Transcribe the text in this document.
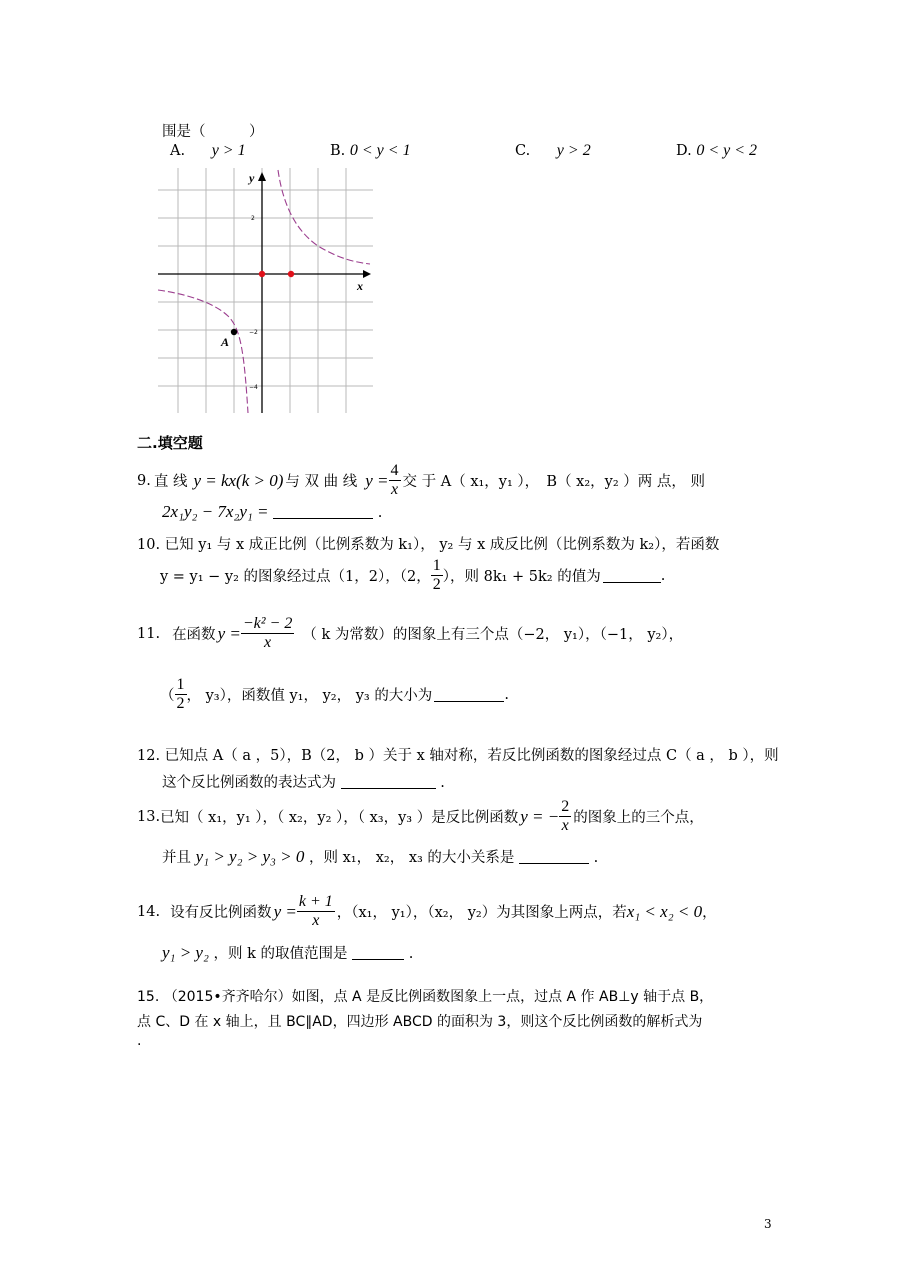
围是（　　　）
A. y > 1	B. 0 < y < 1	C. y > 2	D. 0 < y < 2
x
y
2
−2
−4
A
二.填空题
9. 直 线 y = kx(k > 0) 与 双 曲 线 $y = \frac{4}{x}$ 交 于 A（ x₁，y₁ ），　B（ x₂，y₂ ）两 点， 则
2x₁y₂ − 7x₂y₁ =	.
10. 已知 y₁ 与 x 成正比例（比例系数为 k₁）， y₂ 与 x 成反比例（比例系数为 k₂），若函数
y = y₁ − y₂ 的图象经过点（1，2），（2， $\frac{1}{2}$ ），则 8k₁ + 5k₂ 的值为	.
11. 在函数 $y = \frac{\text{−k² − 2}}{x}$ （ k 为常数）的图象上有三个点（−2， y₁），（−1， y₂），
（ $\frac{1}{2}$ ， y₃），函数值 y₁， y₂， y₃ 的大小为	.
12. 已知点 A（ a ，5），B（2， b ）关于 x 轴对称，若反比例函数的图象经过点 C（ a ， b ），则
这个反比例函数的表达式为	.
13. 已知（ x₁，y₁ ），（ x₂，y₂ ），（ x₃，y₃ ）是反比例函数 y = − $\frac{2}{x}$ 的图象上的三个点，
并且 y₁ > y₂ > y₃ > 0 ，则 x₁， x₂， x₃ 的大小关系是	.
14. 设有反比例函数 $y = \frac{k + 1}{x}$ ，（x₁， y₁），（x₂， y₂）为其图象上两点，若 x₁ < x₂ < 0 ，
y₁ > y₂ ，则 k 的取值范围是	.
15. （2015•齐齐哈尔）如图，点 A 是反比例函数图象上一点，过点 A 作 AB⊥y 轴于点 B，
点 C、D 在 x 轴上，且 BC∥AD，四边形 ABCD 的面积为 3，则这个反比例函数的解析式为
.
3
